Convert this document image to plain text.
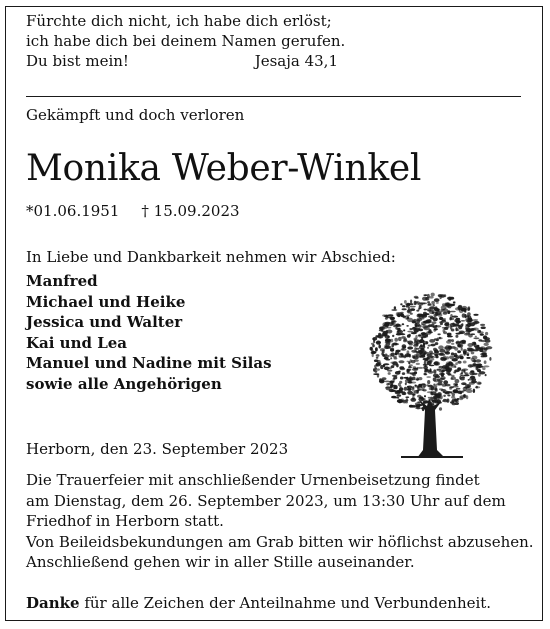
Fürchte dich nicht, ich habe dich erlöst;
ich habe dich bei deinem Namen gerufen.
Du bist mein!	Jesaja 43,1
Gekämpft und doch verloren
Monika Weber-Winkel
*01.06.1951 † 15.09.2023
In Liebe und Dankbarkeit nehmen wir Abschied:
Manfred
Michael und Heike
Jessica und Walter
Kai und Lea
Manuel und Nadine mit Silas
sowie alle Angehörigen
Herborn, den 23. September 2023
Die Trauerfeier mit anschließender Urnenbeisetzung findet
am Dienstag, dem 26. September 2023, um 13:30 Uhr auf dem
Friedhof in Herborn statt.
Von Beileidsbekundungen am Grab bitten wir höflichst abzusehen.
Anschließend gehen wir in aller Stille auseinander.
Danke für alle Zeichen der Anteilnahme und Verbundenheit.
